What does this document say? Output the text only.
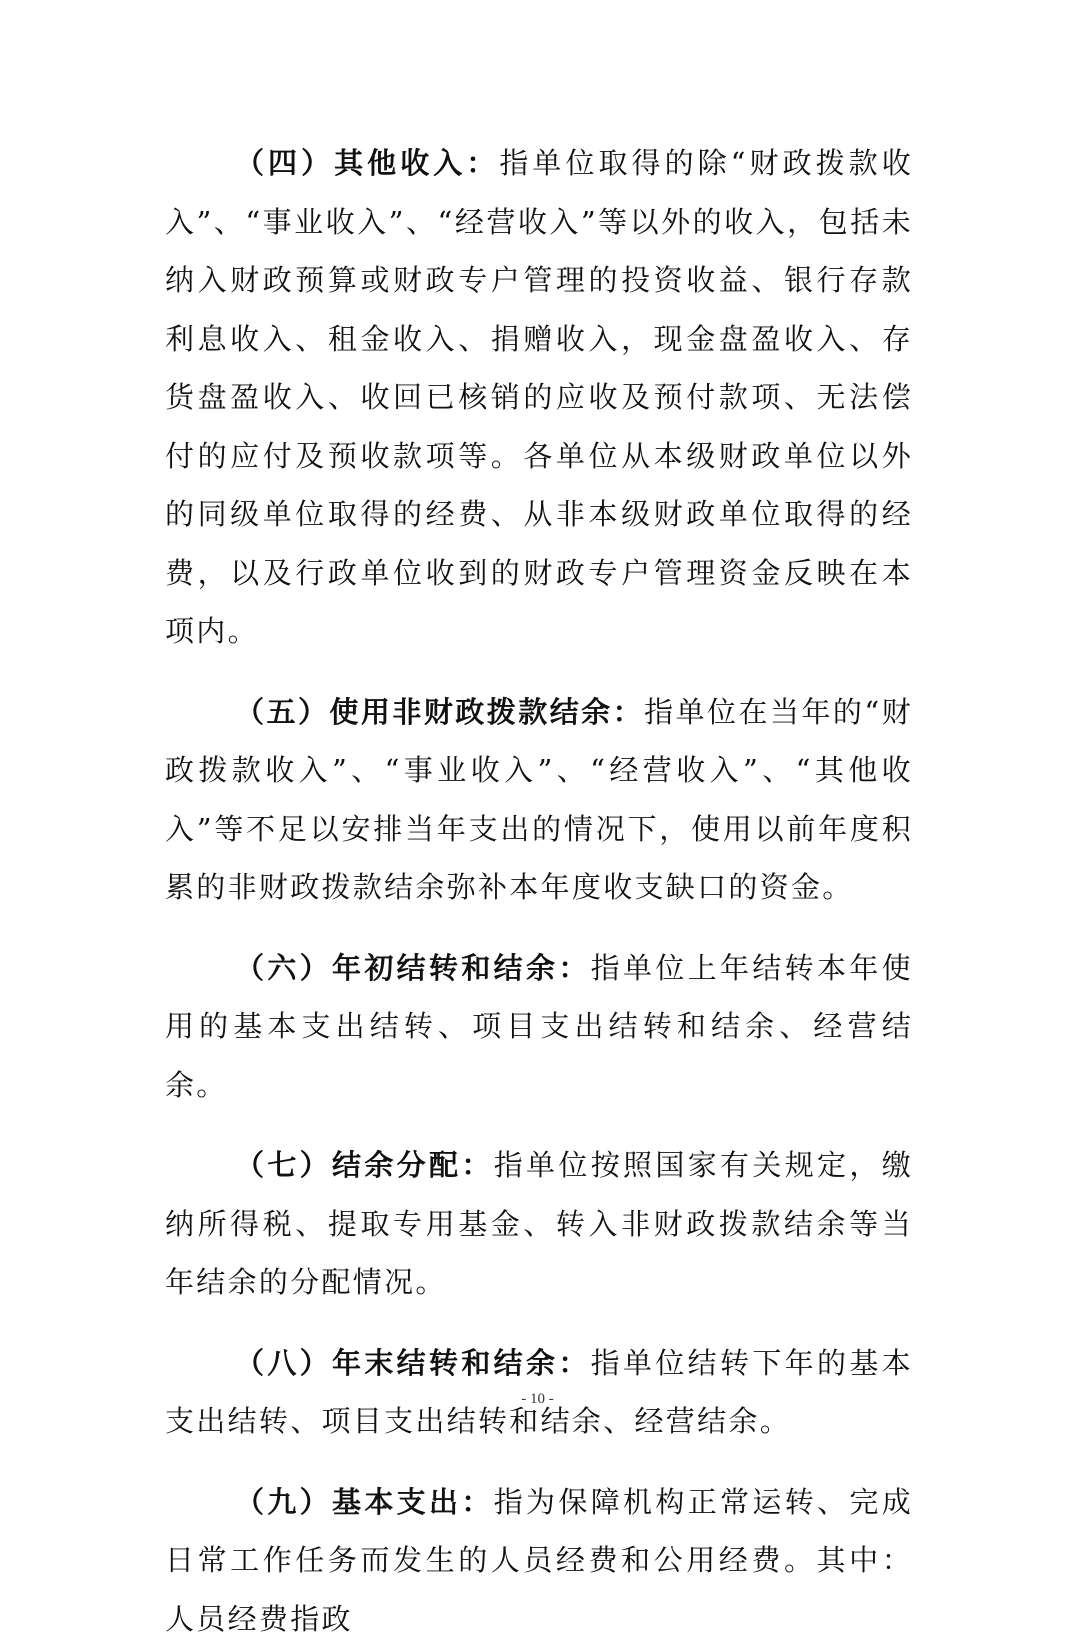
（四）其他收入：指单位取得的除“财政拨款收入”、“事业收入”、“经营收入”等以外的收入，包括未纳入财政预算或财政专户管理的投资收益、银行存款利息收入、租金收入、捐赠收入，现金盘盈收入、存货盘盈收入、收回已核销的应收及预付款项、无法偿付的应付及预收款项等。各单位从本级财政单位以外的同级单位取得的经费、从非本级财政单位取得的经费，以及行政单位收到的财政专户管理资金反映在本项内。

（五）使用非财政拨款结余：指单位在当年的“财政拨款收入”、“事业收入”、“经营收入”、“其他收入”等不足以安排当年支出的情况下，使用以前年度积累的非财政拨款结余弥补本年度收支缺口的资金。

（六）年初结转和结余：指单位上年结转本年使用的基本支出结转、项目支出结转和结余、经营结余。

（七）结余分配：指单位按照国家有关规定，缴纳所得税、提取专用基金、转入非财政拨款结余等当年结余的分配情况。

（八）年末结转和结余：指单位结转下年的基本支出结转、项目支出结转和结余、经营结余。

（九）基本支出：指为保障机构正常运转、完成日常工作任务而发生的人员经费和公用经费。其中：人员经费指政

- 10 -
